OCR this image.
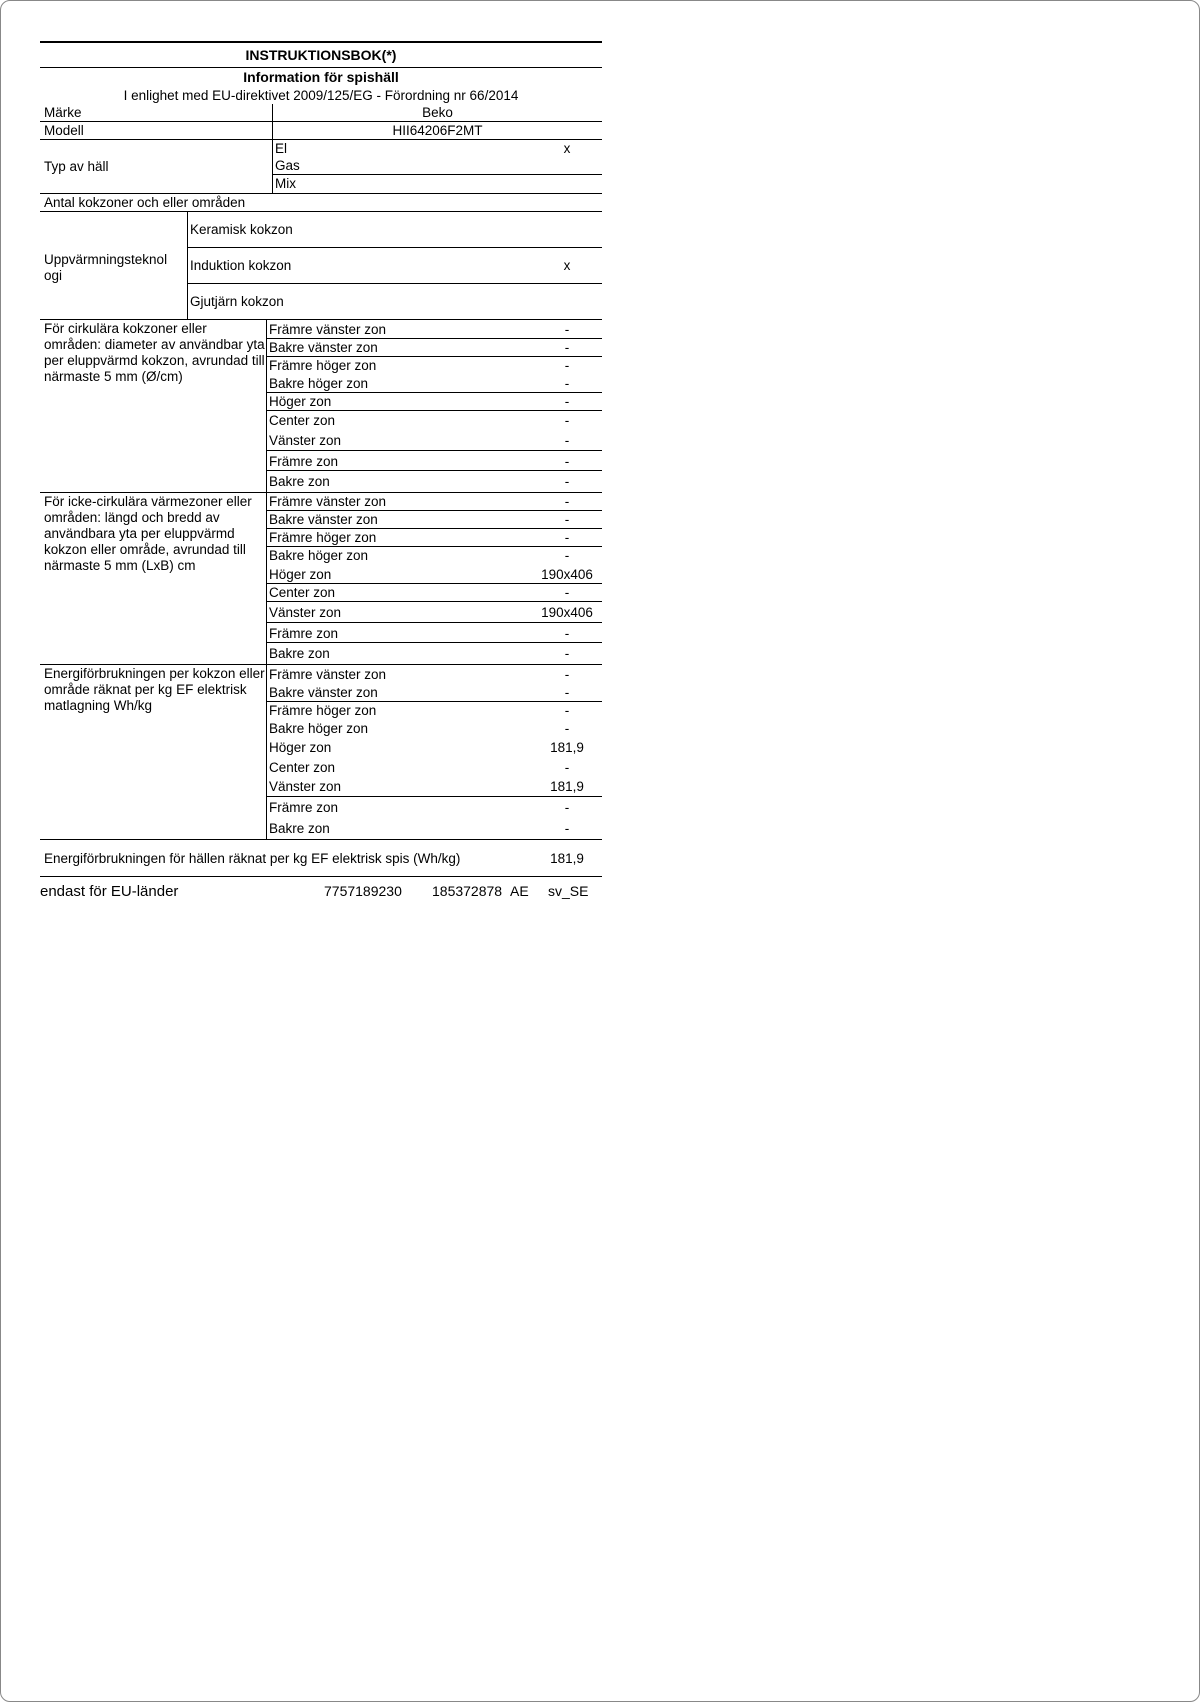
INSTRUKTIONSBOK(*)
Information för spishäll
I enlighet med EU-direktivet 2009/125/EG - Förordning nr 66/2014
Märke	Beko
Modell	HII64206F2MT
Typ av häll
El	x
Gas
Mix
Antal kokzoner och eller områden
Uppvärmningsteknol ogi
Keramisk kokzon
Induktion kokzon	x
Gjutjärn kokzon
För cirkulära kokzoner eller områden: diameter av användbar yta per eluppvärmd kokzon, avrundad till närmaste 5 mm (Ø/cm)
Främre vänster zon	-
Bakre vänster zon	-
Främre höger zon	-
Bakre höger zon	-
Höger zon	-
Center zon	-
Vänster zon	-
Främre zon	-
Bakre zon	-
För icke-cirkulära värmezoner eller områden: längd och bredd av användbara yta per eluppvärmd kokzon eller område, avrundad till närmaste 5 mm (LxB) cm
Främre vänster zon	-
Bakre vänster zon	-
Främre höger zon	-
Bakre höger zon	-
Höger zon	190x406
Center zon	-
Vänster zon	190x406
Främre zon	-
Bakre zon	-
Energiförbrukningen per kokzon eller område räknat per kg EF elektrisk matlagning Wh/kg
Främre vänster zon	-
Bakre vänster zon	-
Främre höger zon	-
Bakre höger zon	-
Höger zon	181,9
Center zon	-
Vänster zon	181,9
Främre zon	-
Bakre zon	-
Energiförbrukningen för hällen räknat per kg EF elektrisk spis (Wh/kg)	181,9
endast för EU-länder	7757189230	185372878 AE	sv_SE
